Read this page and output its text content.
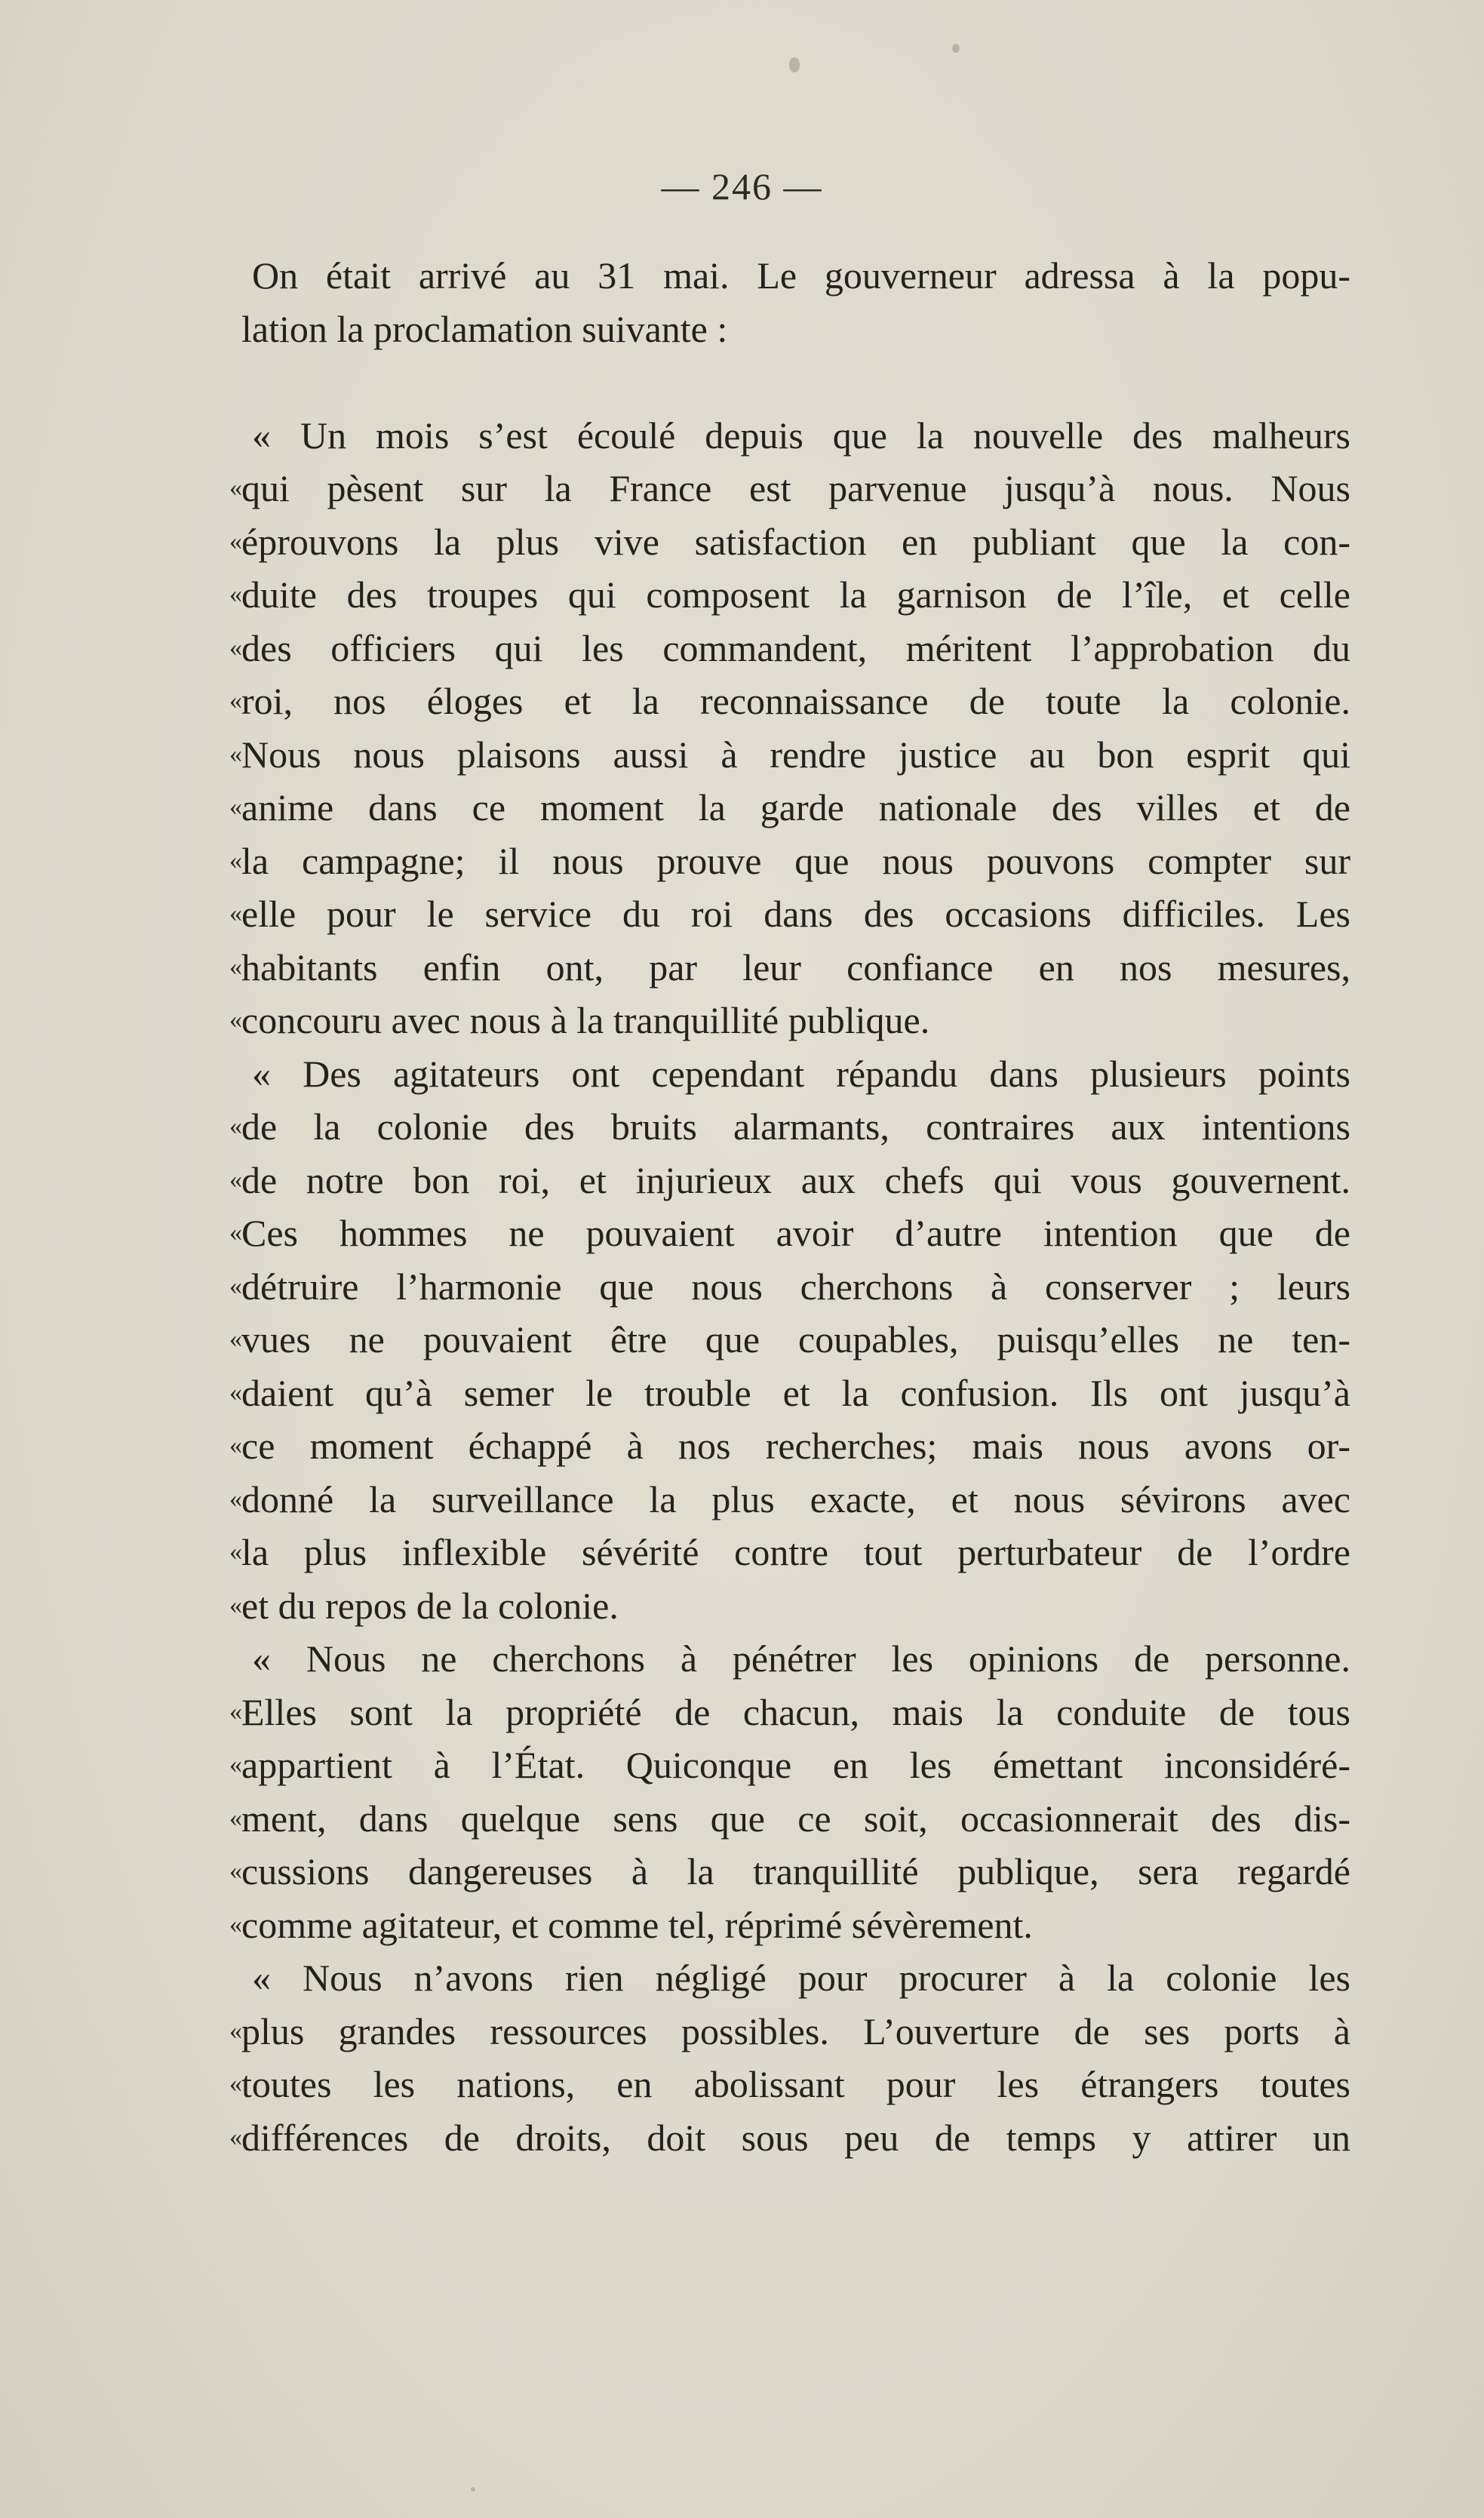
— 246 —
On était arrivé au 31 mai. Le gouverneur adressa à la popu-
lation la proclamation suivante :
« Un mois s’est écoulé depuis que la nouvelle des malheurs
qui pèsent sur la France est parvenue jusqu’à nous. Nous
éprouvons la plus vive satisfaction en publiant que la con-
duite des troupes qui composent la garnison de l’île, et celle
des officiers qui les commandent, méritent l’approbation du
roi, nos éloges et la reconnaissance de toute la colonie.
Nous nous plaisons aussi à rendre justice au bon esprit qui
anime dans ce moment la garde nationale des villes et de
la campagne; il nous prouve que nous pouvons compter sur
elle pour le service du roi dans des occasions difficiles. Les
habitants enfin ont, par leur confiance en nos mesures,
concouru avec nous à la tranquillité publique.
« Des agitateurs ont cependant répandu dans plusieurs points
de la colonie des bruits alarmants, contraires aux intentions
de notre bon roi, et injurieux aux chefs qui vous gouvernent.
Ces hommes ne pouvaient avoir d’autre intention que de
détruire l’harmonie que nous cherchons à conserver ; leurs
vues ne pouvaient être que coupables, puisqu’elles ne ten-
daient qu’à semer le trouble et la confusion. Ils ont jusqu’à
ce moment échappé à nos recherches; mais nous avons or-
donné la surveillance la plus exacte, et nous sévirons avec
la plus inflexible sévérité contre tout perturbateur de l’ordre
et du repos de la colonie.
« Nous ne cherchons à pénétrer les opinions de personne.
Elles sont la propriété de chacun, mais la conduite de tous
appartient à l’État. Quiconque en les émettant inconsidéré-
ment, dans quelque sens que ce soit, occasionnerait des dis-
cussions dangereuses à la tranquillité publique, sera regardé
comme agitateur, et comme tel, réprimé sévèrement.
« Nous n’avons rien négligé pour procurer à la colonie les
plus grandes ressources possibles. L’ouverture de ses ports à
toutes les nations, en abolissant pour les étrangers toutes
différences de droits, doit sous peu de temps y attirer un
«
«
«
«
«
«
«
«
«
«
«
«
«
«
«
«
«
«
«
«
«
«
«
«
«
«
«
«
«
